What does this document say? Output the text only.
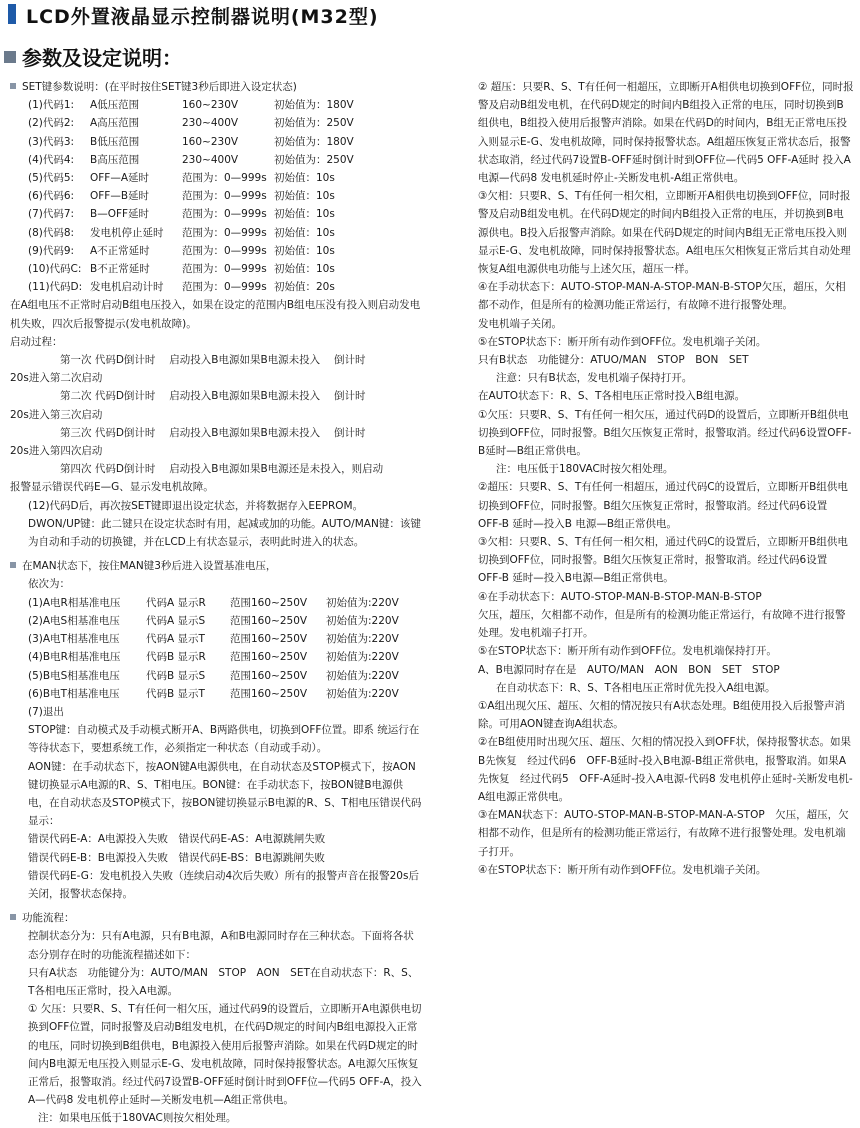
LCD外置液晶显示控制器说明(M32型)
参数及设定说明：
SET键参数说明：(在平时按住SET键3秒后即进入设定状态)
(1)代码1:	A低压范围	160~230V	初始值为：180V
(2)代码2:	A高压范围	230~400V	初始值为：250V
(3)代码3:	B低压范围	160~230V	初始值为：180V
(4)代码4:	B高压范围	230~400V	初始值为：250V
(5)代码5:	OFF—A延时	范围为：0—999s 初始值：10s
(6)代码6:	OFF—B延时	范围为：0—999s 初始值：10s
(7)代码7:	B—OFF延时	范围为：0—999s 初始值：10s
(8)代码8:	发电机停止延时	范围为：0—999s 初始值：10s
(9)代码9:	A不正常延时	范围为：0—999s 初始值：10s
(10)代码C: B不正常延时	范围为：0—999s 初始值：10s
(11)代码D: 发电机启动计时	范围为：0—999s 初始值：20s
在A组电压不正常时启动B组电压投入，如果在设定的范围内B组电压没有投入则启动发电机失败，四次后报警提示(发电机故障)。
启动过程：
第一次 代码D倒计时　 启动投入B电源如果B电源未投入　 倒计时
20s进入第二次启动
第二次 代码D倒计时　 启动投入B电源如果B电源未投入　 倒计时
20s进入第三次启动
第三次 代码D倒计时　 启动投入B电源如果B电源未投入　 倒计时
20s进入第四次启动
第四次 代码D倒计时　 启动投入B电源如果B电源还是未投入，则启动
报警显示错误代码E—G、显示发电机故障。
(12)代码D后，再次按SET键即退出设定状态，并将数据存入EEPROM。
DWON/UP键：此二键只在设定状态时有用，起减或加的功能。AUTO/MAN键：该键为自动和手动的切换键，并在LCD上有状态显示，表明此时进入的状态。
在MAN状态下，按住MAN键3秒后进入设置基准电压，
依次为：
(1)A电R相基准电压	代码A 显示R	范围160~250V	初始值为:220V
(2)A电S相基准电压	代码A 显示S	范围160~250V	初始值为:220V
(3)A电T相基准电压	代码A 显示T	范围160~250V	初始值为:220V
(4)B电R相基准电压	代码B 显示R	范围160~250V	初始值为:220V
(5)B电S相基准电压	代码B 显示S	范围160~250V	初始值为:220V
(6)B电T相基准电压	代码B 显示T	范围160~250V	初始值为:220V
(7)退出
STOP键：自动模式及手动模式断开A、B两路供电，切换到OFF位置。即系 统运行在等待状态下，要想系统工作，必须指定一种状态（自动或手动）。
AON键：在手动状态下，按AON键A电源供电，在自动状态及STOP模式下，按AON键切换显示A电源的R、S、T相电压。BON键：在手动状态下，按BON键B电源供电，在自动状态及STOP模式下，按BON键切换显示B电源的R、S、T相电压错误代码显示：
错误代码E-A：A电源投入失败　错误代码E-AS：A电源跳闸失败
错误代码E-B：B电源投入失败　错误代码E-BS：B电源跳闸失败
错误代码E-G：发电机投入失败（连续启动4次后失败）所有的报警声音在报警20s后关闭，报警状态保持。
功能流程：
控制状态分为：只有A电源，只有B电源，A和B电源同时存在三种状态。下面将各状态分别存在时的功能流程描述如下：
只有A状态　功能键分为：AUTO/MAN　STOP　AON　SET在自动状态下：R、S、T各相电压正常时，投入A电源。
① 欠压：只要R、S、T有任何一相欠压，通过代码9的设置后，立即断开A电源供电切换到OFF位置，同时报警及启动B组发电机，在代码D规定的时间内B组电源投入正常的电压，同时切换到B组供电，B电源投入使用后报警声消除。如果在代码D规定的时间内B电源无电压投入则显示E-G、发电机故障，同时保持报警状态。A电源欠压恢复正常后，报警取消。经过代码7设置B-OFF延时倒计时到OFF位—代码5 OFF-A，投入A—代码8 发电机停止延时—关断发电机—A组正常供电。
注：如果电压低于180VAC则按欠相处理。
② 超压：只要R、S、T有任何一相超压，立即断开A相供电切换到OFF位，同时报警及启动B组发电机，在代码D规定的时间内B组投入正常的电压，同时切换到B组供电，B组投入使用后报警声消除。如果在代码D的时间内，B组无正常电压投入则显示E-G、发电机故障，同时保持报警状态。A组超压恢复正常状态后，报警状态取消，经过代码7设置B-OFF延时倒计时到OFF位—代码5 OFF-A延时 投入A电源—代码8 发电机延时停止-关断发电机-A组正常供电。
③欠相：只要R、S、T有任何一相欠相，立即断开A相供电切换到OFF位，同时报警及启动B组发电机。在代码D规定的时间内B组投入正常的电压，并切换到B电源供电。B投入后报警声消除。如果在代码D规定的时间内B组无正常电压投入则显示E-G、发电机故障，同时保持报警状态。A组电压欠相恢复正常后其自动处理恢复A组电源供电功能与上述欠压，超压一样。
④在手动状态下：AUTO-STOP-MAN-A-STOP-MAN-B-STOP欠压，超压，欠相都不动作，但是所有的检测功能正常运行，有故障不进行报警处理。
发电机端子关闭。
⑤在STOP状态下：断开所有动作到OFF位。发电机端子关闭。
只有B状态　功能键分：ATUO/MAN　STOP　BON　SET
注意：只有B状态，发电机端子保持打开。
在AUTO状态下：R、S、T各相电压正常时投入B组电源。
①欠压：只要R、S、T有任何一相欠压，通过代码D的设置后，立即断开B组供电切换到OFF位，同时报警。B组欠压恢复正常时，报警取消。经过代码6设置OFF-B延时—B组正常供电。
注：电压低于180VAC时按欠相处理。
②超压：只要R、S、T有任何一相超压，通过代码C的设置后，立即断开B组供电切换到OFF位，同时报警。B组欠压恢复正常时，报警取消。经过代码6设置 OFF-B 延时—投入B 电源—B组正常供电。
③欠相：只要R、S、T有任何一相欠相，通过代码C的设置后，立即断开B组供电切换到OFF位，同时报警。B组欠压恢复正常时，报警取消。经过代码6设置 OFF-B 延时—投入B电源—B组正常供电。
④在手动状态下：AUTO-STOP-MAN-B-STOP-MAN-B-STOP
欠压，超压，欠相都不动作，但是所有的检测功能正常运行，有故障不进行报警处理。发电机端子打开。
⑤在STOP状态下：断开所有动作到OFF位。发电机端保持打开。
A、B电源同时存在是　AUTO/MAN　AON　BON　SET　STOP
在自动状态下：R、S、T各相电压正常时优先投入A组电源。
①A组出现欠压、超压、欠相的情况按只有A状态处理。B组使用投入后报警声消除。可用AON键查询A组状态。
②在B组使用时出现欠压、超压、欠相的情况投入到OFF状，保持报警状态。如果B先恢复　经过代码6　OFF-B延时-投入B电源-B组正常供电，报警取消。如果A先恢复　经过代码5　OFF-A延时-投入A电源-代码8 发电机停止延时-关断发电机-A组电源正常供电。
③在MAN状态下：AUTO-STOP-MAN-B-STOP-MAN-A-STOP　欠压，超压，欠相都不动作，但是所有的检测功能正常运行，有故障不进行报警处理。发电机端子打开。
④在STOP状态下：断开所有动作到OFF位。发电机端子关闭。
